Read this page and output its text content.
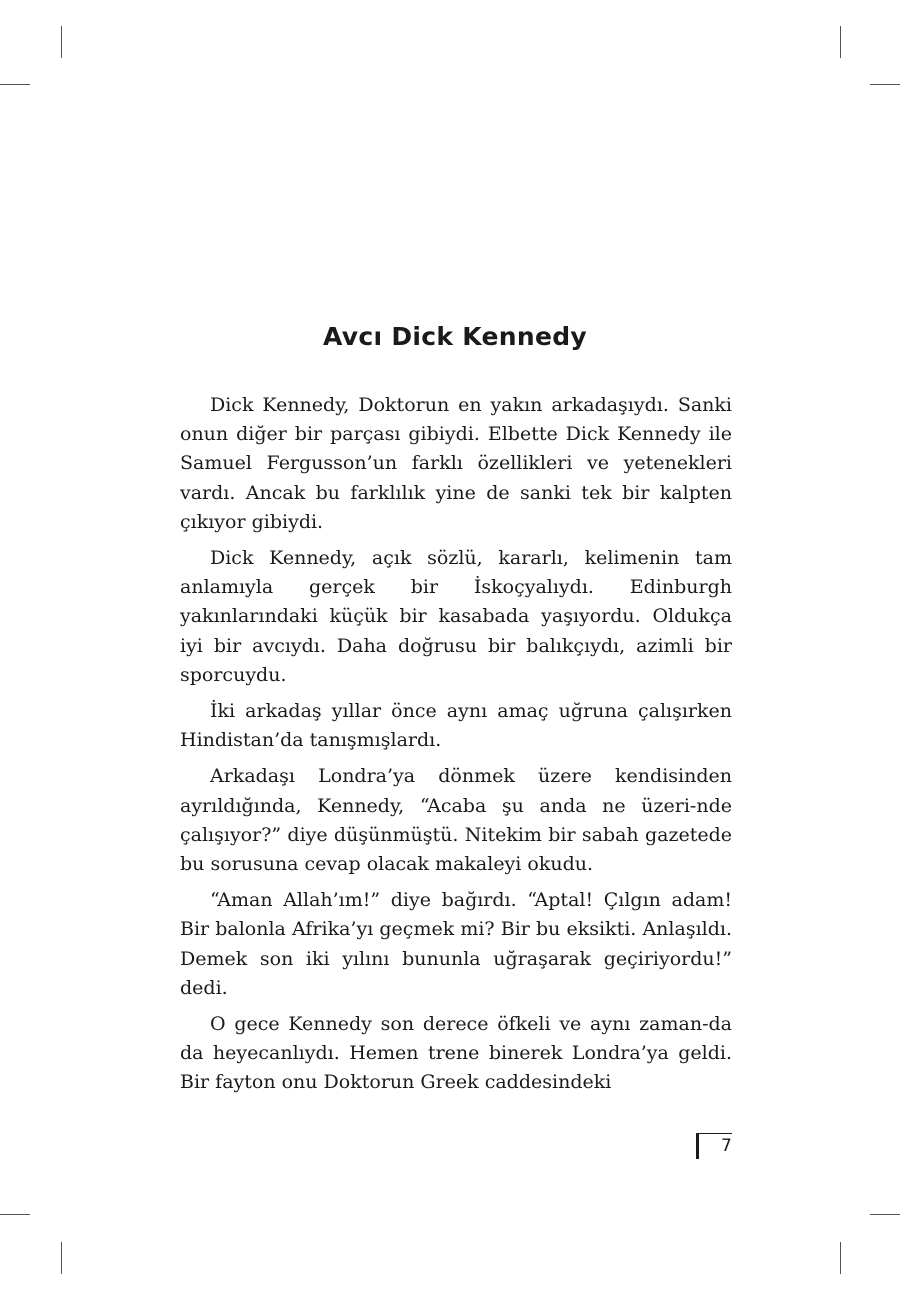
Avcı Dick Kennedy

Dick Kennedy, Doktorun en yakın arkadaşıydı. Sanki onun diğer bir parçası gibiydi. Elbette Dick Kennedy ile Samuel Fergusson’un farklı özellikleri ve yetenekleri vardı. Ancak bu farklılık yine de sanki tek bir kalpten çıkıyor gibiydi.

Dick Kennedy, açık sözlü, kararlı, kelimenin tam anlamıyla gerçek bir İskoçyalıydı. Edinburgh yakınlarındaki küçük bir kasabada yaşıyordu. Oldukça iyi bir avcıydı. Daha doğrusu bir balıkçıydı, azimli bir sporcuydu.

İki arkadaş yıllar önce aynı amaç uğruna çalışırken Hindistan’da tanışmışlardı.

Arkadaşı Londra’ya dönmek üzere kendisinden ayrıldığında, Kennedy, “Acaba şu anda ne üzeri-nde çalışıyor?” diye düşünmüştü. Nitekim bir sabah gazetede bu sorusuna cevap olacak makaleyi okudu.

“Aman Allah’ım!” diye bağırdı. “Aptal! Çılgın adam! Bir balonla Afrika’yı geçmek mi? Bir bu eksikti. Anlaşıldı. Demek son iki yılını bununla uğraşarak geçiriyordu!” dedi.

O gece Kennedy son derece öfkeli ve aynı zaman-da da heyecanlıydı. Hemen trene binerek Londra’ya geldi. Bir fayton onu Doktorun Greek caddesindeki

7
